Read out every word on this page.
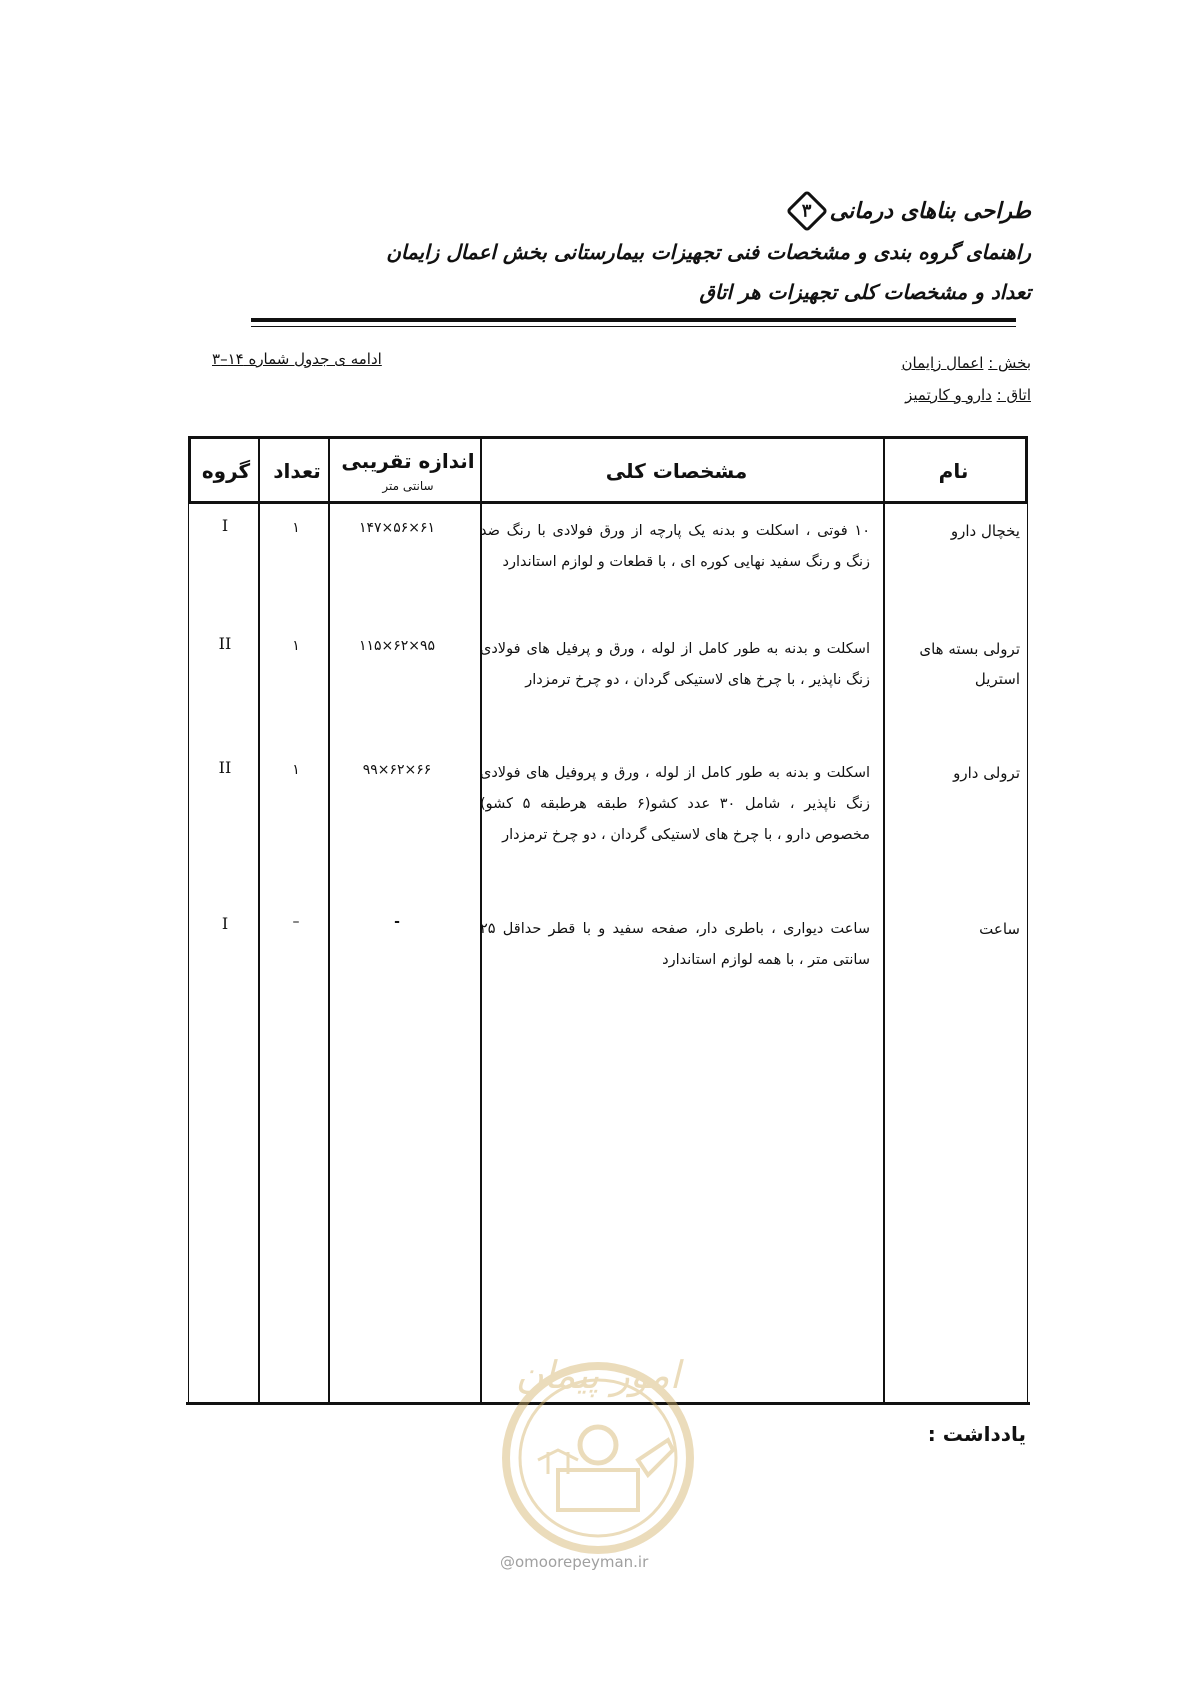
طراحی بناهای درمانی
۳
راهنمای گروه بندی و مشخصات فنی تجهیزات بیمارستانی بخش اعمال زایمان
تعداد و مشخصات کلی تجهیزات هر اتاق
بخش : اعمال زایمان
اتاق : دارو و کارتمیز
ادامه ی جدول شماره ۱۴–۳
نام
مشخصات کلی
اندازه تقریبی
سانتی متر
تعداد
گروه
یخچال دارو
۱۰ فوتی ، اسکلت و بدنه یک پارچه از ورق فولادی با رنگ ضد زنگ و رنگ سفید نهایی کوره ای ، با قطعات و لوازم استاندارد
۶۱×۵۶×۱۴۷
۱
I
ترولی بسته های استریل
اسکلت و بدنه به طور کامل از لوله ، ورق و پرفیل های فولادی زنگ ناپذیر ، با چرخ های لاستیکی گردان ، دو چرخ ترمزدار
۹۵×۶۲×۱۱۵
۱
II
ترولی دارو
اسکلت و بدنه به طور کامل از لوله ، ورق و پروفیل های فولادی زنگ ناپذیر ، شامل ۳۰ عدد کشو(۶ طبقه هرطبقه ۵ کشو) مخصوص دارو ، با چرخ های لاستیکی گردان ، دو چرخ ترمزدار
۶۶×۶۲×۹۹
۱
II
ساعت
ساعت دیواری ، باطری دار، صفحه سفید و با قطر حداقل ۲۵ سانتی متر ، با همه لوازم استاندارد
-
–
I
یادداشت :
امور پیمان
@omoorepeyman.ir
